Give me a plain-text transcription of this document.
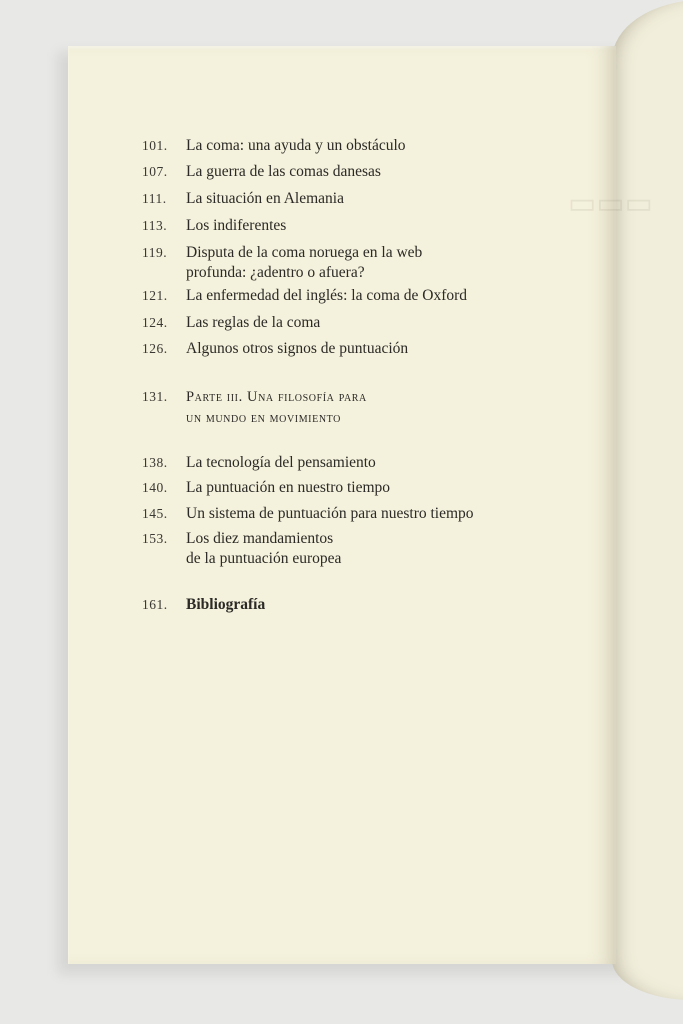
▭▭▭
101.	La coma: una ayuda y un obstáculo
107.	La guerra de las comas danesas
111.	La situación en Alemania
113.	Los indiferentes
119.	Disputa de la coma noruega en la web
profunda: ¿adentro o afuera?
121.	La enfermedad del inglés: la coma de Oxford
124.	Las reglas de la coma
126.	Algunos otros signos de puntuación
131.	Parte iii. Una filosofía para
un mundo en movimiento
138.	La tecnología del pensamiento
140.	La puntuación en nuestro tiempo
145.	Un sistema de puntuación para nuestro tiempo
153.	Los diez mandamientos
de la puntuación europea
161.	Bibliografía
